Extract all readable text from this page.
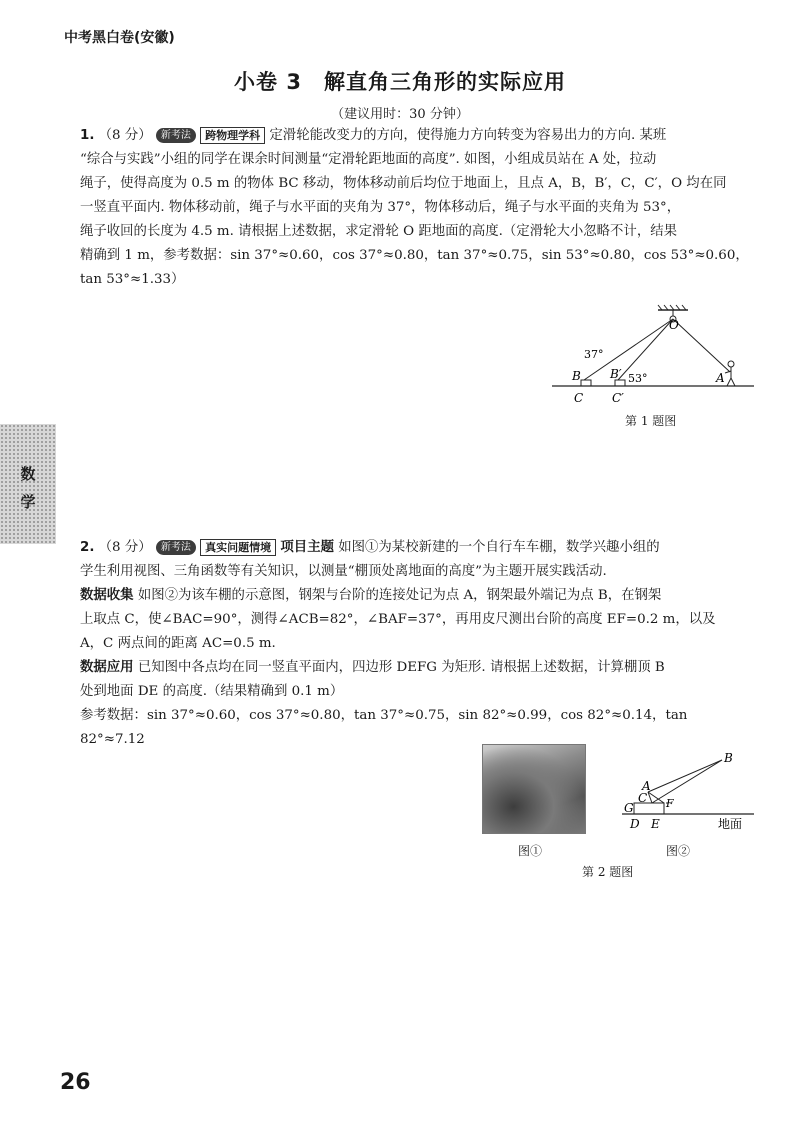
中考黑白卷(安徽)
小卷 3　解直角三角形的实际应用
（建议用时：30 分钟）

1. （8 分） 新考法 跨物理学科 定滑轮能改变力的方向，使得施力方向转变为容易出力的方向. 某班

“综合与实践”小组的同学在课余时间测量“定滑轮距地面的高度”. 如图，小组成员站在 A 处，拉动

绳子，使得高度为 0.5 m 的物体 BC 移动，物体移动前后均位于地面上，且点 A，B，B′，C，C′，O 均在同

一竖直平面内. 物体移动前，绳子与水平面的夹角为 37°，物体移动后，绳子与水平面的夹角为 53°，

绳子收回的长度为 4.5 m. 请根据上述数据，求定滑轮 O 距地面的高度.（定滑轮大小忽略不计，结果

精确到 1 m，参考数据：sin 37°≈0.60，cos 37°≈0.80，tan 37°≈0.75，sin 53°≈0.80，cos 53°≈0.60，

tan 53°≈1.33）

O
37°
B B′ 53°	A
C C′
第 1 题图
数
学

2. （8 分） 新考法 真实问题情境 项目主题 如图①为某校新建的一个自行车车棚，数学兴趣小组的

学生利用视图、三角函数等有关知识，以测量“棚顶处离地面的高度”为主题开展实践活动.

数据收集 如图②为该车棚的示意图，钢架与台阶的连接处记为点 A，钢架最外端记为点 B，在钢架

上取点 C，使∠BAC=90°，测得∠ACB=82°，∠BAF=37°，再用皮尺测出台阶的高度 EF=0.2 m，以及

A，C 两点间的距离 AC=0.5 m.

数据应用 已知图中各点均在同一竖直平面内，四边形 DEFG 为矩形. 请根据上述数据，计算棚顶 B

处到地面 DE 的高度.（结果精确到 0.1 m）

参考数据：sin 37°≈0.60，cos 37°≈0.80，tan 37°≈0.75，sin 82°≈0.99，cos 82°≈0.14，tan 82°≈7.12

图①
B
A
C
G	F
D E	地面
图②
第 2 题图
26
